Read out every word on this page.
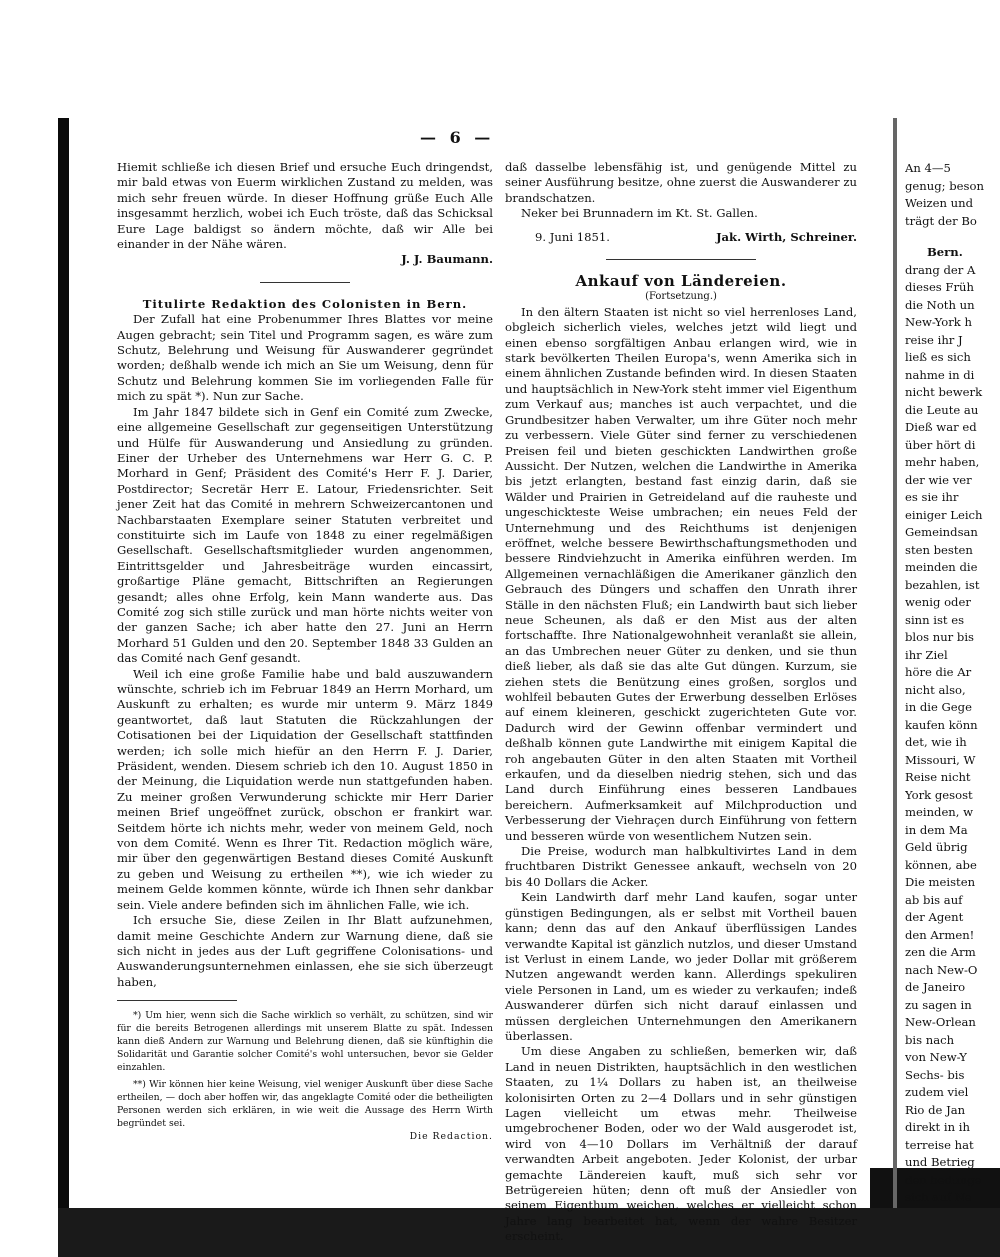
— 6 —

Hiemit schließe ich diesen Brief und ersuche Euch dringendst, mir bald etwas von Euerm wirklichen Zustand zu melden, was mich sehr freuen würde. In dieser Hoffnung grüße Euch Alle insgesammt herzlich, wobei ich Euch tröste, daß das Schicksal Eure Lage baldigst so ändern möchte, daß wir Alle bei einander in der Nähe wären.

J. J. Baumann.

Titulirte Redaktion des Colonisten in Bern.

Der Zufall hat eine Probenummer Ihres Blattes vor meine Augen gebracht; sein Titel und Programm sagen, es wäre zum Schutz, Belehrung und Weisung für Auswanderer gegründet worden; deßhalb wende ich mich an Sie um Weisung, denn für Schutz und Belehrung kommen Sie im vorliegenden Falle für mich zu spät *). Nun zur Sache.

Im Jahr 1847 bildete sich in Genf ein Comité zum Zwecke, eine allgemeine Gesellschaft zur gegenseitigen Unterstützung und Hülfe für Auswanderung und Ansiedlung zu gründen. Einer der Urheber des Unternehmens war Herr G. C. P. Morhard in Genf; Präsident des Comité's Herr F. J. Darier, Postdirector; Secretär Herr E. Latour, Friedensrichter. Seit jener Zeit hat das Comité in mehrern Schweizercantonen und Nachbarstaaten Exemplare seiner Statuten verbreitet und constituirte sich im Laufe von 1848 zu einer regelmäßigen Gesellschaft. Gesellschaftsmitglieder wurden angenommen, Eintrittsgelder und Jahresbeiträge wurden eincassirt, großartige Pläne gemacht, Bittschriften an Regierungen gesandt; alles ohne Erfolg, kein Mann wanderte aus. Das Comité zog sich stille zurück und man hörte nichts weiter von der ganzen Sache; ich aber hatte den 27. Juni an Herrn Morhard 51 Gulden und den 20. September 1848 33 Gulden an das Comité nach Genf gesandt.

Weil ich eine große Familie habe und bald auszuwandern wünschte, schrieb ich im Februar 1849 an Herrn Morhard, um Auskunft zu erhalten; es wurde mir unterm 9. März 1849 geantwortet, daß laut Statuten die Rückzahlungen der Cotisationen bei der Liquidation der Gesellschaft stattfinden werden; ich solle mich hiefür an den Herrn F. J. Darier, Präsident, wenden. Diesem schrieb ich den 10. August 1850 in der Meinung, die Liquidation werde nun stattgefunden haben. Zu meiner großen Verwunderung schickte mir Herr Darier meinen Brief ungeöffnet zurück, obschon er frankirt war. Seitdem hörte ich nichts mehr, weder von meinem Geld, noch von dem Comité. Wenn es Ihrer Tit. Redaction möglich wäre, mir über den gegenwärtigen Bestand dieses Comité Auskunft zu geben und Weisung zu ertheilen **), wie ich wieder zu meinem Gelde kommen könnte, würde ich Ihnen sehr dankbar sein. Viele andere befinden sich im ähnlichen Falle, wie ich.

Ich ersuche Sie, diese Zeilen in Ihr Blatt aufzunehmen, damit meine Geschichte Andern zur Warnung diene, daß sie sich nicht in jedes aus der Luft gegriffene Colonisations- und Auswanderungsunternehmen einlassen, ehe sie sich überzeugt haben,

*) Um hier, wenn sich die Sache wirklich so verhält, zu schützen, sind wir für die bereits Betrogenen allerdings mit unserem Blatte zu spät. Indessen kann dieß Andern zur Warnung und Belehrung dienen, daß sie künftighin die Solidarität und Garantie solcher Comité's wohl untersuchen, bevor sie Gelder einzahlen.

**) Wir können hier keine Weisung, viel weniger Auskunft über diese Sache ertheilen, — doch aber hoffen wir, das angeklagte Comité oder die betheiligten Personen werden sich erklären, in wie weit die Aussage des Herrn Wirth begründet sei.

Die Redaction.

daß dasselbe lebensfähig ist, und genügende Mittel zu seiner Ausführung besitze, ohne zuerst die Auswanderer zu brandschatzen.

Neker bei Brunnadern im Kt. St. Gallen.

9. Juni 1851.	Jak. Wirth, Schreiner.

Ankauf von Ländereien.

(Fortsetzung.)

In den ältern Staaten ist nicht so viel herrenloses Land, obgleich sicherlich vieles, welches jetzt wild liegt und einen ebenso sorgfältigen Anbau erlangen wird, wie in stark bevölkerten Theilen Europa's, wenn Amerika sich in einem ähnlichen Zustande befinden wird. In diesen Staaten und hauptsächlich in New-York steht immer viel Eigenthum zum Verkauf aus; manches ist auch verpachtet, und die Grundbesitzer haben Verwalter, um ihre Güter noch mehr zu verbessern. Viele Güter sind ferner zu verschiedenen Preisen feil und bieten geschickten Landwirthen große Aussicht. Der Nutzen, welchen die Landwirthe in Amerika bis jetzt erlangten, bestand fast einzig darin, daß sie Wälder und Prairien in Getreideland auf die rauheste und ungeschickteste Weise umbrachen; ein neues Feld der Unternehmung und des Reichthums ist denjenigen eröffnet, welche bessere Bewirthschaftungsmethoden und bessere Rindviehzucht in Amerika einführen werden. Im Allgemeinen vernachläßigen die Amerikaner gänzlich den Gebrauch des Düngers und schaffen den Unrath ihrer Ställe in den nächsten Fluß; ein Landwirth baut sich lieber neue Scheunen, als daß er den Mist aus der alten fortschaffte. Ihre Nationalgewohnheit veranlaßt sie allein, an das Umbrechen neuer Güter zu denken, und sie thun dieß lieber, als daß sie das alte Gut düngen. Kurzum, sie ziehen stets die Benützung eines großen, sorglos und wohlfeil bebauten Gutes der Erwerbung desselben Erlöses auf einem kleineren, geschickt zugerichteten Gute vor. Dadurch wird der Gewinn offenbar vermindert und deßhalb können gute Landwirthe mit einigem Kapital die roh angebauten Güter in den alten Staaten mit Vortheil erkaufen, und da dieselben niedrig stehen, sich und das Land durch Einführung eines besseren Landbaues bereichern. Aufmerksamkeit auf Milchproduction und Verbesserung der Viehraçen durch Einführung von fettern und besseren würde von wesentlichem Nutzen sein.

Die Preise, wodurch man halbkultivirtes Land in dem fruchtbaren Distrikt Genessee ankauft, wechseln von 20 bis 40 Dollars die Acker.

Kein Landwirth darf mehr Land kaufen, sogar unter günstigen Bedingungen, als er selbst mit Vortheil bauen kann; denn das auf den Ankauf überflüssigen Landes verwandte Kapital ist gänzlich nutzlos, und dieser Umstand ist Verlust in einem Lande, wo jeder Dollar mit größerem Nutzen angewandt werden kann. Allerdings spekuliren viele Personen in Land, um es wieder zu verkaufen; indeß Auswanderer dürfen sich nicht darauf einlassen und müssen dergleichen Unternehmungen den Amerikanern überlassen.

Um diese Angaben zu schließen, bemerken wir, daß Land in neuen Distrikten, hauptsächlich in den westlichen Staaten, zu 1¼ Dollars zu haben ist, an theilweise kolonisirten Orten zu 2—4 Dollars und in sehr günstigen Lagen vielleicht um etwas mehr. Theilweise umgebrochener Boden, oder wo der Wald ausgerodet ist, wird von 4—10 Dollars im Verhältniß der darauf verwandten Arbeit angeboten. Jeder Kolonist, der urbar gemachte Ländereien kauft, muß sich sehr vor Betrügereien hüten; denn oft muß der Ansiedler von seinem Eigenthum weichen, welches er vielleicht schon Jahre lang bearbeitet hat, wenn der wahre Besitzer erscheint.

An 4—5
genug; beson
Weizen und
trägt der Bo
Bern.
drang der A
dieses Früh
die Noth un
New-York h
reise ihr J
ließ es sich
nahme in di
nicht bewerk
die Leute au
Dieß war ed
über hört di
mehr haben,
der wie ver
es sie ihr
einiger Leich
Gemeindsan
sten besten
meinden die
bezahlen, ist
wenig oder
sinn ist es
blos nur bis
ihr Ziel
höre die Ar
nicht also,
in die Gege
kaufen könn
det, wie ih
Missouri, W
Reise nicht
York gesost
meinden, w
in dem Ma
Geld übrig
können, abe
Die meisten
ab bis auf
der Agent
den Armen!
zen die Arm
nach New-O
de Janeiro
zu sagen in
New-Orlean
bis nach
von New-Y
Sechs- bis
zudem viel
Rio de Jan
direkt in ih
terreise hat
und Betrieg
den bedunge
sich auf Ne
